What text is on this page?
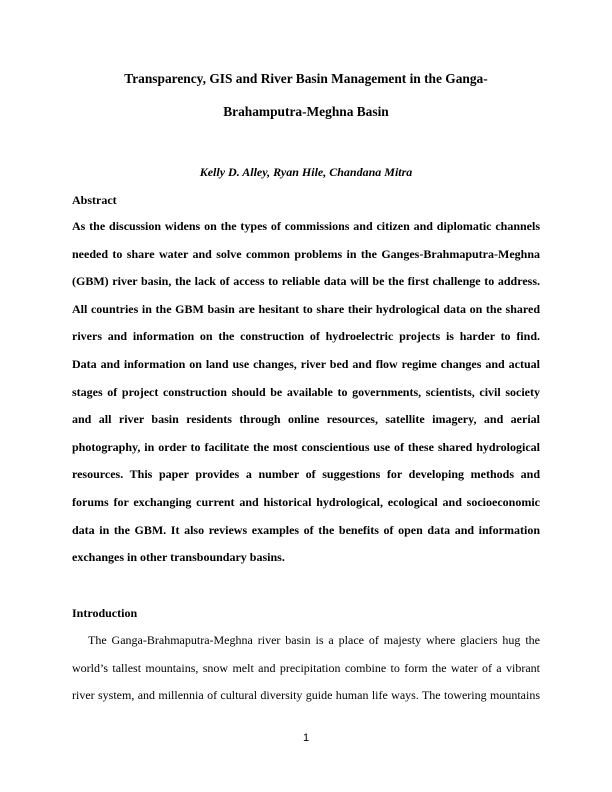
Transparency, GIS and River Basin Management in the Ganga-
Brahamputra-Meghna Basin
Kelly D. Alley, Ryan Hile, Chandana Mitra
Abstract
As the discussion widens on the types of commissions and citizen and diplomatic channels
needed to share water and solve common problems in the Ganges-Brahmaputra-Meghna
(GBM) river basin, the lack of access to reliable data will be the first challenge to address.
All countries in the GBM basin are hesitant to share their hydrological data on the shared
rivers and information on the construction of hydroelectric projects is harder to find.
Data and information on land use changes, river bed and flow regime changes and actual
stages of project construction should be available to governments, scientists, civil society
and all river basin residents through online resources, satellite imagery, and aerial
photography, in order to facilitate the most conscientious use of these shared hydrological
resources. This paper provides a number of suggestions for developing methods and
forums for exchanging current and historical hydrological, ecological and socioeconomic
data in the GBM. It also reviews examples of the benefits of open data and information
exchanges in other transboundary basins.
Introduction
The Ganga-Brahmaputra-Meghna river basin is a place of majesty where glaciers hug the
world’s tallest mountains, snow melt and precipitation combine to form the water of a vibrant
river system, and millennia of cultural diversity guide human life ways. The towering mountains
1
